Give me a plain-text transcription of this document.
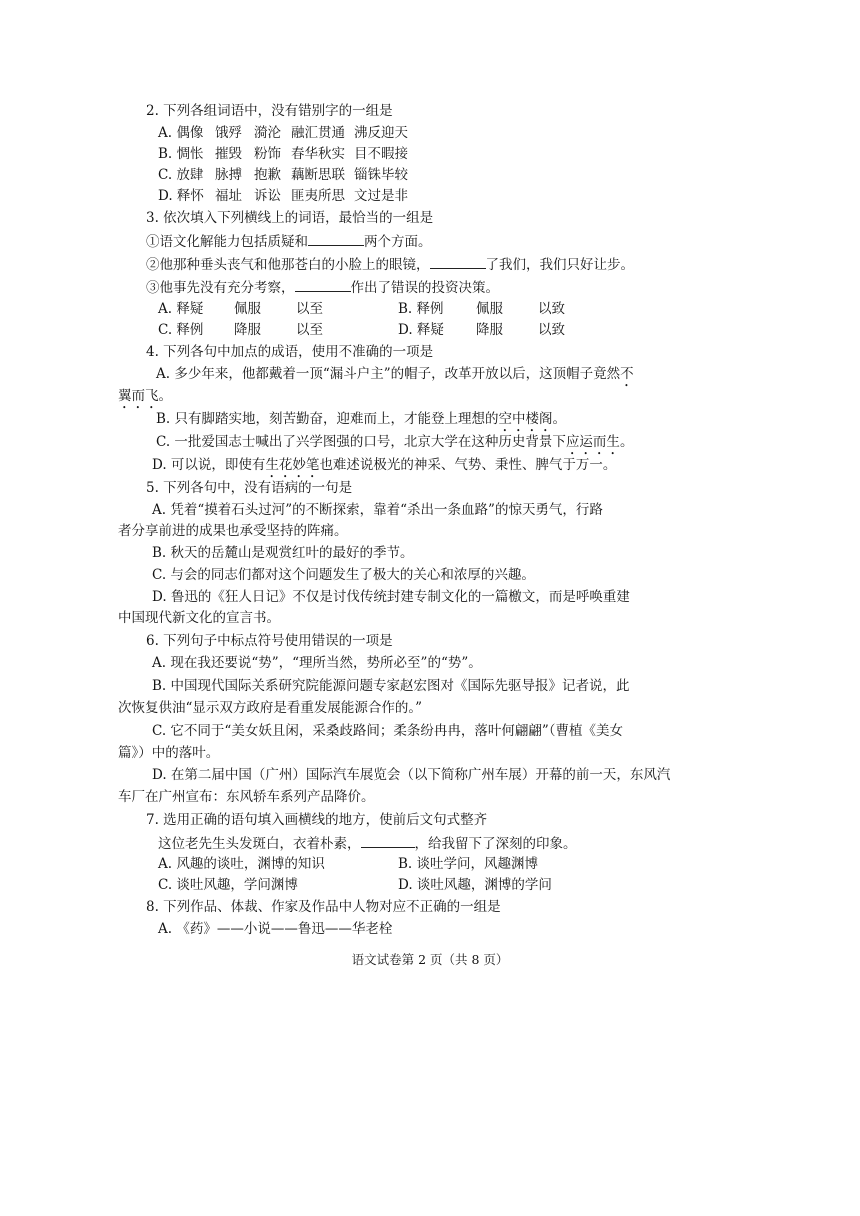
2. 下列各组词语中，没有错别字的一组是
A. 偶像 饿殍 漪沦 融汇贯通 沸反迎天
B. 惆怅 摧毁 粉饰 春华秋实 目不暇接
C. 放肆 脉搏 抱歉 藕断思联 锱铢毕较
D. 释怀 福址 诉讼 匪夷所思 文过是非
3. 依次填入下列横线上的词语，最恰当的一组是
①语文化解能力包括质疑和	两个方面。
②他那种垂头丧气和他那苍白的小脸上的眼镜，	了我们，我们只好让步。
③他事先没有充分考察，	作出了错误的投资决策。
A. 释疑 佩服	以至	B. 释例 佩服	以致
C. 释例 降服	以至	D. 释疑 降服	以致
4. 下列各句中加点的成语，使用不准确的一项是
A. 多少年来，他都戴着一顶“漏斗户主”的帽子，改革开放以后，这顶帽子竟然不
翼而飞。
B. 只有脚踏实地，刻苦勤奋，迎难而上，才能登上理想的空中楼阁。
C. 一批爱国志士喊出了兴学图强的口号，北京大学在这种历史背景下应运而生。
D. 可以说，即使有生花妙笔也难述说极光的神采、气势、秉性、脾气于万一。
5. 下列各句中，没有语病的一句是
A. 凭着“摸着石头过河”的不断探索，靠着“杀出一条血路”的惊天勇气，行路
者分享前进的成果也承受坚持的阵痛。
B. 秋天的岳麓山是观赏红叶的最好的季节。
C. 与会的同志们都对这个问题发生了极大的关心和浓厚的兴趣。
D. 鲁迅的《狂人日记》不仅是讨伐传统封建专制文化的一篇檄文，而是呼唤重建
中国现代新文化的宣言书。
6. 下列句子中标点符号使用错误的一项是
A. 现在我还要说“势”，“理所当然，势所必至”的“势”。
B. 中国现代国际关系研究院能源问题专家赵宏图对《国际先驱导报》记者说，此
次恢复供油“显示双方政府是看重发展能源合作的。”
C. 它不同于“美女妖且闲，采桑歧路间；柔条纷冉冉，落叶何翩翩”（曹植《美女
篇》）中的落叶。
D. 在第二届中国（广州）国际汽车展览会（以下简称广州车展）开幕的前一天，东风汽
车厂在广州宣布：东风轿车系列产品降价。
7. 选用正确的语句填入画横线的地方，使前后文句式整齐
这位老先生头发斑白，衣着朴素，	，给我留下了深刻的印象。
A. 风趣的谈吐，渊博的知识	B. 谈吐学问，风趣渊博
C. 谈吐风趣，学问渊博	D. 谈吐风趣，渊博的学问
8. 下列作品、体裁、作家及作品中人物对应不正确的一组是
A. 《药》——小说——鲁迅——华老栓
语文试卷第 2 页（共 8 页）
